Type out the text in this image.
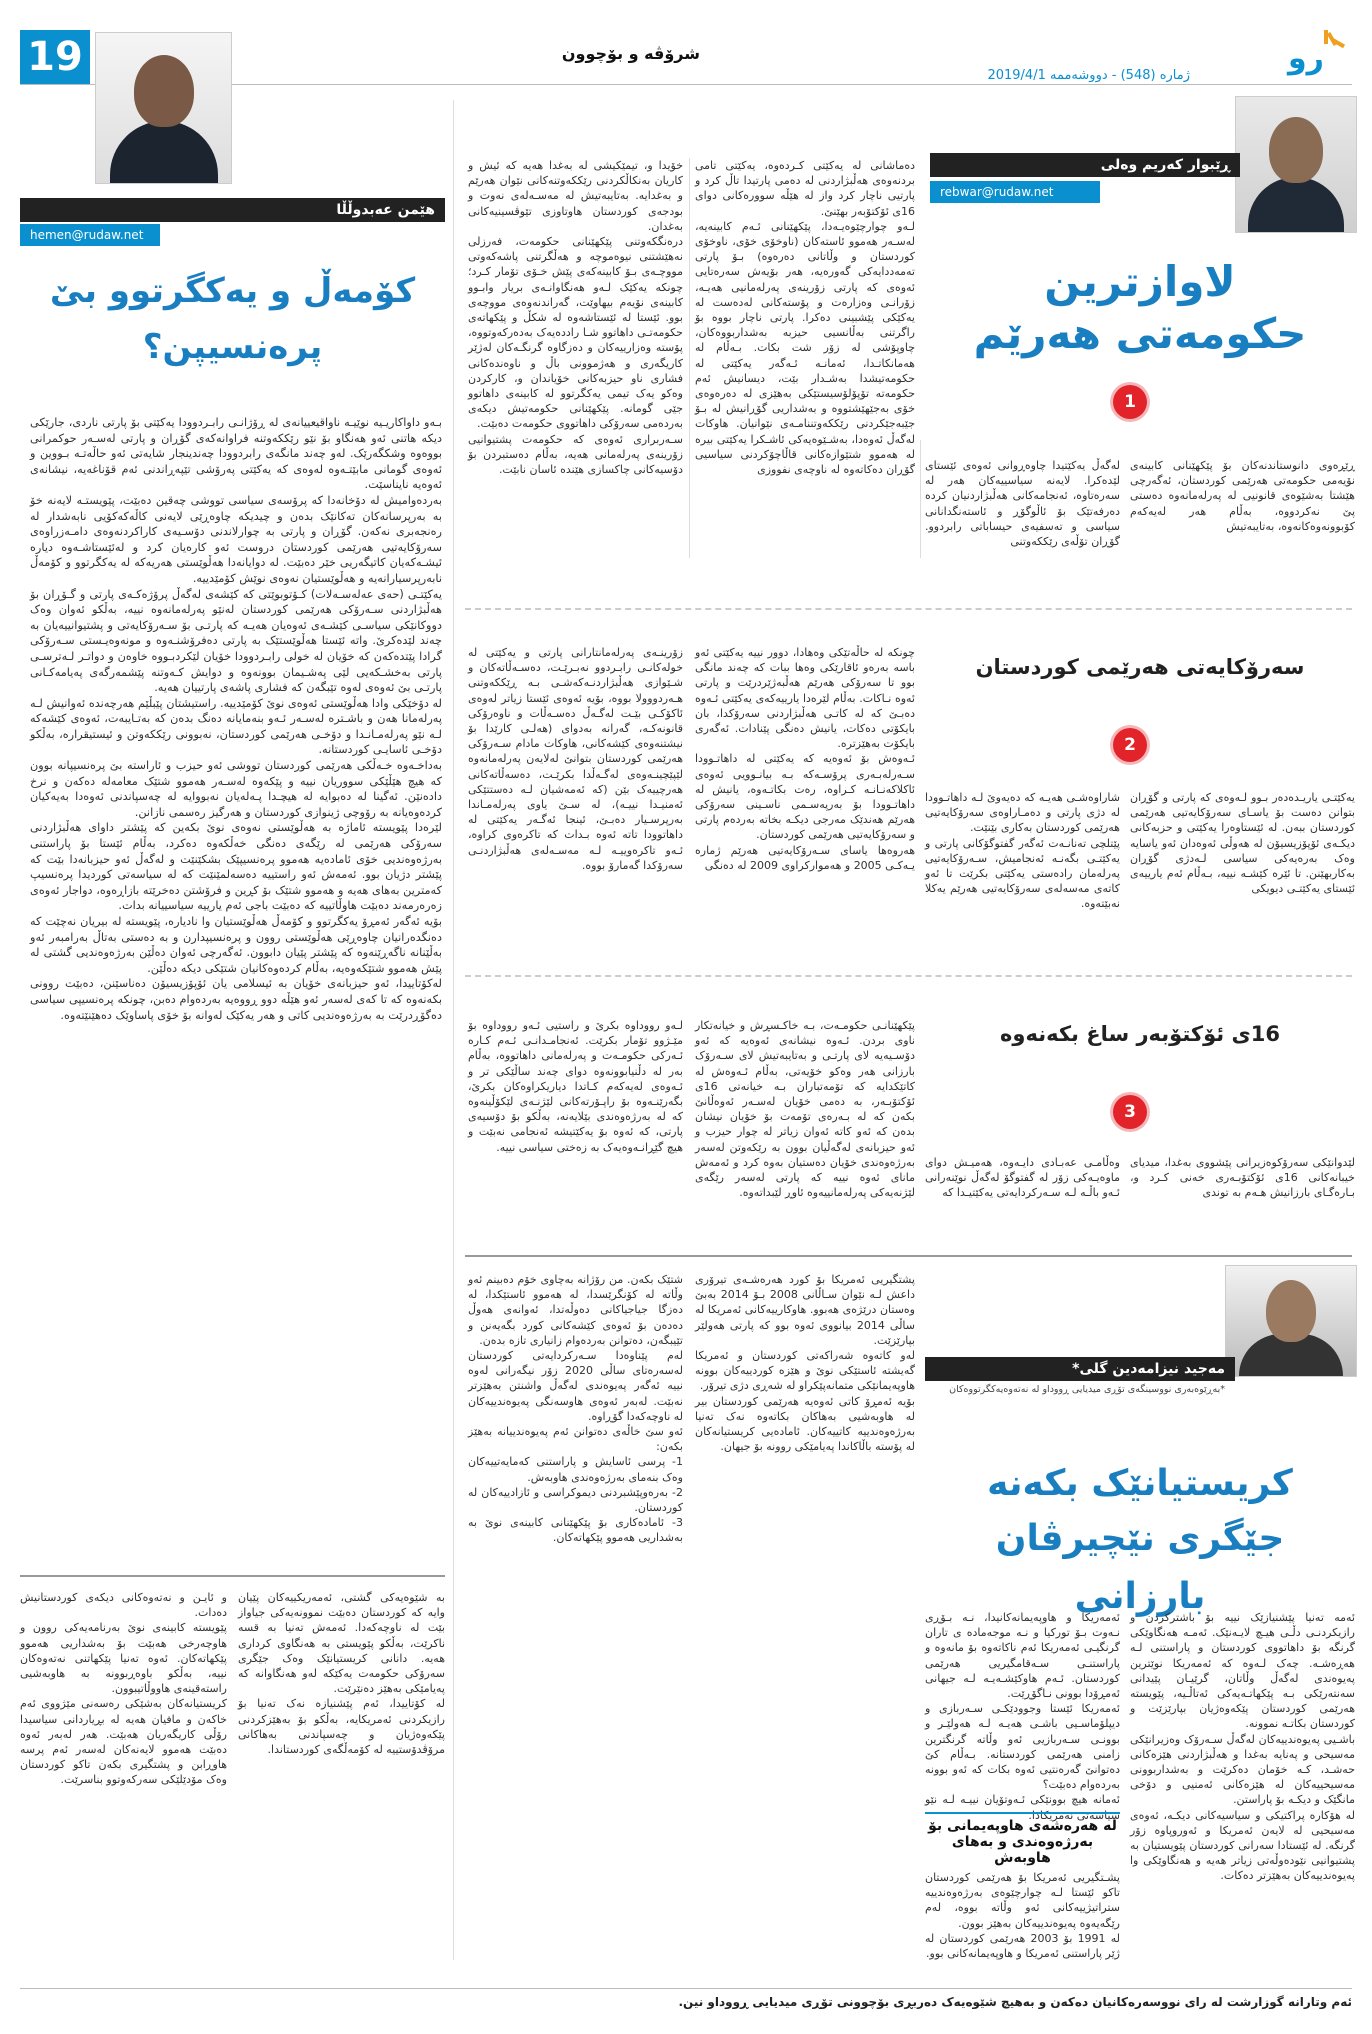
19	شرۆڤە و بۆچوون
ژمارە (548) - دووشەممە 2019/4/1	رو
ڕێبوار کەریم وەلی
rebwar@rudaw.net
لاوازترین
حکومەتی هەرێم
1
ڕێڕەوی دانوستاندنەکان بۆ پێکهێنانی کابینەی نۆیەمی حکومەتی هەرێمی کوردستان، ئەگەرچی هێشتا بەشێوەی قانونیی لە پەرلەمانەوە دەستی پێ نەکردووە، بەڵام هەر لەیەکەم کۆبوونەوەکانەوە، بەتایبەتیش
لەگەڵ یەکێتیدا چاوەڕوانی ئەوەی ئێستای لێدەکرا. لایەنە سیاسییەکان هەر لە سەرەتاوە، ئەنجامەکانی هەڵبژاردنیان کردە دەرفەتێک بۆ ئاڵوگۆڕ و ئاستەنگدانانی سیاسی و تەسفیەی حیساباتی رابردوو. گۆڕان تۆڵەی رێککەوتنی
دەماشانی لە یەکێتی کـردەوە، یەکێتی تامی بردنەوەی هەڵبژاردنی لە دەمی پارتیدا تاڵ کرد و پارتیی ناچار کرد واز لە هێڵە سوورەکانی دوای 16ی ئۆکتۆبەر بهێنێ.
لـەو چوارچێوەیـەدا، پێکهێنانی ئـەم کابینەیە، لەسـەر هەموو ئاستەکان (ناوخۆی خۆی، ناوخۆی کوردستان و وڵاتانی دەرەوە) بـۆ پارتی تەمەددایەکی گەورەیە، هەر بۆیەش سەرەتایی ئەوەی کە پارتی زۆرینەی پەرلەمانیی هەیـە، زۆرانـی وەزارەت و پۆستەکانی لەدەست لە یەکێکی پێشبینی دەکرا. پارتی ناچار بووە بۆ راگرتنی بەڵانسیی حیزبە بەشداربووەکان، چاوپۆشی لە زۆر شت بکات. بـەڵام لە هەمانکاتـدا، ئەمانـە ئـەگەر یەکێتی لە حکومەتیشدا بەشـدار بێت، دیسانیش ئەم حکومەتە تۆپۆلۆسیستێکی بەهێزی لە دەرەوەی خۆی بەجێهێشتووە و بەشداریی گۆڕانیش لە بـۆ جێبەجێکردنی رێککەوتننامـەی نێوانیان. هاوکات لەگەڵ ئەوەدا، بەشـێوەیەکی ئاشـکرا یەکێتی بیرە لە هەموو شتێوازەکانی قاڵاچۆکردنی سیاسیی گۆڕان دەکاتەوە لە ناوچەی نفووزی
خۆیدا و، تیمێکیشی لە بەغدا هەیە کە ئیش و کاریان بەنکاڵکردنی رێککەوتنەکانی نێوان هەرێم و بەغدایە. بەتایبەتیش لە مەسـەلەی نەوت و بودجەی کوردستان هاوتاوزی تێوڤسینیەکانی بەغدان.
درەنگکەوتنی پێکهێنانی حکومەت، فەرزلی نەهێشتنی نیوەموچە و هەڵگرتنی پاشەکەوتی مووچـەی بـۆ کابینەکەی پێش خـۆی تۆمار کـرد؛ چونکە یەکێک لـەو هەنگاوانـەی بریار وابـوو کابینەی نۆیەم بیهاوێت، گەراندنەوەی مووچەی بوو. ئێستا لە ئێستاشەوە لە شکڵ و پێکهاتەی حکومەتـی داهاتوو شـا راددەیەک بەدەرکەوتووە، پۆستە وەزارییەکان و دەزگاوە گرنگـەکان لەژێر کاریگەری و هەژموونی باڵ و ناوەندەکانی فشاری ناو حیزبەکانی خۆیاندان و، کارکردن وەکو یەک تیمی یەکگرتوو لە کابینەی داهاتوو جێی گومانە. پێکهێنانی حکومەتیش دیکەی بەردەمی سەرۆکی داهاتووی حکومەت دەبێت.
سـەربراری ئەوەی کە حکومەت پشتیوانیی زۆرینەی پەرلەمانی هەیە، بەڵام دەستبردن بۆ دۆسیەکانی چاکسازی هێندە ئاسان نابێت.
سەرۆکایەتی هەرێمی کوردستان
2
یەکێتـی یاریـدەدەر بـوو لـەوەی کە پارتی و گۆڕان بتوانن دەست بۆ یاسـای سەرۆکایەتیی هەرێمی کوردستان ببەن. لە ئێستاوەرا یەکێتی و حزبەکانی دیکـەی ئۆپۆزیسیۆن لە هەوڵی ئەوەدان ئەو یاسایە وەک بەرەیەکی سیاسی لـەدژی گۆڕان بەکاربهێنن. تا ئێرە کێشـە نییە، بـەڵام ئەم یارییەی ئێستای یەکێتـی دیویکی
شاراوەشـی هەیـە کە دەیەوێ لـە داهاتـوودا لە دژی پارتی و دەمـاراوەی سەرۆکایەتیی هەرێمی کوردستان بەکاری بێنێت.
پێتلچی تەنانـەت ئەگەر گفتوگۆکانی پارتی و یەکێتـی بگەنـە ئەنجامیش، سـەرۆکایەتیی پەرلەمان رادەستی یەکێتی بکرێت تا ئەو کاتەی مەسەلەی سەرۆکایەتیی هەرێم یەکلا نەبێتەوە.
چونکە لە حاڵەتێکی وەهادا، دوور نییە یەکێتی ئەو باسە بەرەو ئاقارێکی وەها ببات کە چەند مانگی بوو تا سەرۆکی هەرێم هەڵبەژێردرێت و پارتی ئەوە نـاکات. بەڵام لێرەدا یارییەکەی یەکێتی ئـەوە دەبـێ کە لە کاتـی هەڵبژاردنی سەرۆکدا، بان بایکۆتی دەکات، یانیش دەنگی پێنادات. ئەگەری بایکۆت بەهێزترە.
ئـەوەش بۆ ئەوەیە کە یەکێتی لە داهاتـوودا سـەرلەبـەری پرۆسـەکە بـە بیانـوویی ئەوەی ئاکلاکەنـانـە کـراوە، رەت بکاتـەوە، یانیش لە داهاتـوودا بۆ بەرپەسـمی ناسـینی سەرۆکی هەرێم هەندێک مەرجی دیکـە بخاتە بەردەم پارتی و سەرۆکایەتیی هەرێمی کوردستان.
هەروەها یاسای سـەرۆکایەتیی هەرێم ژمارە یـەکـی 2005 و هەموارکراوی 2009 لە دەنگی
زۆرینـەی پەرلەمانتارانی پارتی و یەکێتی لە خولەکانـی رابـردوو نەبـرێـت، دەسـەڵاتەکان و شـێوازی هەڵبژاردنـەکەشـی بـە ڕێککەوتنی هـەردووولا بووە، بۆیە ئەوەی ئێستا زیاتر لەوەی ئاکۆکـی بێـت لەگـەڵ دەسـەڵات و ناوەرۆکی قانونەکـە، گەرانە بەدوای (هەلـی کارێدا بۆ نیشتنەوەی کێشەکانی، هاوکات مادام سـەرۆکی هەرێمی کوردستان بتوانێ لەلایەن پەرلەمانەوە لێپێچینـەوەی لەگـەڵدا بکرێـت، دەسەڵاتەکانی هەرچییەک بێن (کە ئەمەشیان لـە دەستتێکی ئەمنیـدا نییـە)، لە سـێ یاوی پەرلەمـاندا بەرپرسـیار دەبـێ، ئینجا ئەگـەر یەکێتی لە داهاتوودا تاتە ئەوە بـدات کە تاکرەوی کراوە، ئـەو تاکرەوییـە لـە مەسـەلەی هەڵبژاردنـی سەرۆکدا گەمارۆ بووە.
16ی ئۆکتۆبەر ساغ بکەنەوە
3
لێدوانێکی سەرۆکوەزیرانی پێشووی بەغدا، میدیای خیبانەکانی 16ی ئۆکتۆبـەری خەنی کـرد و، بـارەگـای بارزانیش هـەم بە توندی
وەڵامـی عەبـادی دایـەوە، هەمیـش دوای ماوەیـەکی زۆر لە گفتوگۆ لەگەڵ نوێنەرانی ئـەو باڵـە لـە سـەرکردایەتی یەکێتیـدا کە
پێکهێنانـی حکومـەت، بـە خاکـسڕش و خیانەتکار ناوی بردن. ئـەوە نیشانەی ئەوەیە کە ئەو دۆسـیەیە لای پارتـی و بەتایبەتیش لای سـەرۆک بارزانی هەر وەکو خۆیەتی، بەڵام ئـەوەش لە کاتێکدایە کە تۆمەتباران بـە خیانەتی 16ی ئۆکتۆبـەر، بە دەمی خۆیان لەسـەر ئەوەڵانێ بکەن کە لە بـەرەی تۆمەت بۆ خۆیان نیشان بدەن کە ئەو کاتە ئەوان زیاتر لە چوار حیزب و ئەو حیزبانەی لەگەڵیان بوون بە رێکەوتن لەسەر بەرژەوەندی خۆیان دەستیان بەوە کرد و ئەمەش مانای ئەوە نییە کە پارتی لەسەر رێگەی لێژنەیەکی پەرلەمانییەوە ئاوڕ لێبداتەوە.
لـەو رووداوە بکرێ و راستیی ئـەو رووداوە بۆ مێـژوو تۆمار بکرێت. ئەنجامـدانـی ئـەم کـاره ئـەرکی حکومـەت و پەرلەمانی داهاتووە، بەڵام بەر لە دڵنیابوونەوە دوای چەند ساڵێکی تر و ئـەوەی لەیەکەم کـاتدا دیاریکراوەکان بکرێ، بگەرێنـەوە بۆ راپـۆرتەکانی لێژنـەی لێکۆڵینەوە کە لە بەرژەوەندی بێلایەنە، بەڵکو بۆ دۆسیەی پارتی، کە ئەوە بۆ یەکێتیشە ئەنجامی نەبێت و هیچ گێڕانـەوەیەک بە زەختی سیاسی نییە.
مەجید نیزامەدین گلی*
*بەڕێوەبەری نووسینگەی تۆڕی میدیایی ڕووداو لە نەتەوەیەکگرتووەکان
کریستیانێک بکەنە
جێگری نێچیرڤان بارزانی
ئەمە تەنیا پێشنیازێک نییە بۆ باشترکردن و رازیکردنـی دڵـی هیـچ لایـەنێک. ئەمـە هەنگاوێکی گرنگە بۆ داهاتووی کوردستان و پاراستنی لـە هەڕەشـە. چەک لـەوە کە ئەمەریکا نوێترین پەیوەندی لەگەڵ وڵاتان، گرێیـان پێیدانی سەنتەرێکی بـە پێکهاتـەیەکی ئەتاڵـیە، پێویستە هەرێمی کوردستان پێکەوەژیان بپارێزێت و کوردستان بکاتـە نموونە.
باشـیی پەیوەندییەکان لەگەڵ سـەرۆک وەزیرانێکی مەسیحی و پەنایە بەغدا و هەڵبژاردنی هێزەکانی حەشـد، کـە خۆمان دەکرێت و بەشداربوونی مەسیحییەکان لە هێزەکانی ئەمنیی و دۆخی مانگێک و دیکـە بۆ پاراستن.
لە هۆکارە پراکتیکی و سیاسیەکانی دیکـە، ئەوەی مەسیحیی لە لایەن ئەمریکا و ئەوروپاوە زۆر گرنگە. لە ئێستادا سەرانی کوردستان پێویستیان بە پشتیوانیی نێودەوڵەتی زیاتر هەیە و هەنگاوێکی وا پەیوەندییەکان بەهێزتر دەکات.
ئەمەریکا و هاوپەیمانەکانیدا، نـە بـۆڕی نـەوت بـۆ تورکیا و نـە موجەمادە ی تاران گرنگیـی ئەمەریکا ئەم ناکاتەوە بۆ مانەوە و پاراستنـی سـەقامگیریی هەرێمی کوردستان. ئـەم هاوکێشـەیـە لـە جیهانی ئەمڕۆدا بوونی نـاگۆڕێت.
ئەمەریکا ئێستا وجوودێکـی سـەربازی و دیپلۆماسـیی باشـی هەیـە لـە هەولێـر و بوونـی سـەربازیی ئەو وڵاتە گرنگترین زامنی هەرێمی کوردستانە. بـەڵام کێ دەتوانێ گەرەنتیی ئەوە بکات کە ئەو بوونە بەردەوام دەبێت؟
ئەمانە هیچ بوونێکی ئـەوتۆیان نییـە لـە نێو سیاسەتی ئەمریکادا.
لە هەرەشەی هاوپەیمانی بۆ
بەرژەوەندی و بەهای هاوبەش
پشـتگیریی ئەمریکا بۆ هەرێمی کوردستان تاکو ئێستا لـە چوارچێوەی بەرژەوەندییە ستراتیژییەکانی ئەو وڵاتە بووە، لەم رێگەیەوە پەیوەندییەکان بەهێز بوون.
لە 1991 بۆ 2003 هەرێمی کوردستان لە ژێر پاراستنی ئەمریکا و هاوپەیمانەکانی بوو.
پشتگیریی ئەمریکا بۆ کورد هەرەشـەی تیرۆری داعش لـە نێوان سـاڵانی 2008 بـۆ 2014 بەبێ وەستان درێژەی هەبوو. هاوکارییەکانی ئەمریکا لە ساڵی 2014 بیانووی ئەوە بوو کە پارتی هەولێر بپارێزێت.
لەو کاتەوە شەراکەتی کوردستان و ئەمریکا گەیشتە ئاستێکی نوێ و هێزە کوردییەکان بوونە هاوپەیمانێکی متمانەپێکراو لە شەڕی دژی تیرۆر.
بۆیە ئەمڕۆ کاتی ئەوەیە هەرێمی کوردستان بیر لە هاوبەشیی بەهاکان بکاتەوە نەک تەنیا بەرژەوەندییە کاتییەکان. ئامادەیی کریستیانەکان لە پۆستە باڵاکاندا پەیامێکی روونە بۆ جیهان.
شتێک بکەن. من رۆژانە بەچاوی خۆم دەبینم ئەو وڵاتە لە کۆنگرێسدا، لە هەموو ئاستێکدا، لە دەزگا جیاجیاکانی دەوڵەتدا، ئەوانەی هەوڵ دەدەن بۆ ئەوەی کێشەکانی کورد بگەیەنن و تێیبگەن، دەتوانن بەردەوام زانیاری تازە بدەن.
لەم پێناوەدا سـەرکردایەتی کوردستان لەسەرەتای ساڵی 2020 زۆر نیگەرانی لەوە نییە ئەگەر پەیوەندی لەگەڵ واشنتن بەهێزتر نەبێت. لەبەر ئەوەی هاوسەنگی پەیوەندییەکان لە ناوچەکەدا گۆڕاوە.
ئەو سێ خاڵەی دەتوانن ئەم پەیوەندییانە بەهێز بکەن:
1- پرسی ئاسایش و پاراستنی کەمایەتییەکان وەک بنەمای بەرژەوەندی هاوبەش.
2- بەرەوپێشبردنی دیموکراسی و ئازادییەکان لە کوردستان.
3- ئامادەکاری بۆ پێکهێنانی کابینەی نوێ بە بەشداریی هەموو پێکهاتەکان.
بە شێوەیەکی گشتی، ئەمەریکییەکان پێیان وایە کە کوردستان دەبێت نموونەیەکی جیاواز بێت لە ناوچەکەدا. ئەمەش تەنیا بە قسە ناکرێت، بەڵکو پێویستی بە هەنگاوی کرداری هەیە. دانانی کریستیانێک وەک جێگری سەرۆکی حکومەت یەکێکە لەو هەنگاوانە کە پەیامێکی بەهێز دەنێرێت.
لە کۆتاییدا، ئەم پێشنیازە نەک تەنیا بۆ رازیکردنی ئەمریکایە، بەڵکو بۆ بەهێزکردنی پێکەوەژیان و چەسپاندنی بەهاکانی مرۆڤدۆستییە لە کۆمەڵگەی کوردستاندا.
و ئایـن و نەتەوەکانی دیکەی کوردستانیش دەدات.
پێویستە کابینەی نوێ بەرنامەیەکی روون و هاوچەرخی هەبێت بۆ بەشداریی هەموو پێکهاتەکان. ئەوە تەنیا پێکهاتنی نەتەوەکان نییە، بەڵکو باوەڕبوونە بە هاوبەشیی راستەقینەی هاووڵاتیبوون.
کریستیانەکان بەشێکی رەسەنی مێژووی ئەم خاکەن و مافیان هەیە لە بڕیاردانی سیاسیدا رۆڵی کاریگەریان هەبێت. هەر لەبەر ئەوە دەبێت هەموو لایەنەکان لەسەر ئەم پرسە هاوڕابن و پشتگیری بکەن تاکو کوردستان وەک مۆدێلێکی سەرکەوتوو بناسرێت.
هێمن عەبدوڵڵا
hemen@rudaw.net
کۆمەڵ و یەکگرتوو بێ
پرەنسیپن؟
بـەو داواکاریـیە نوێیـە ناواقیعییانەی لە ڕۆژانـی رابـردوودا یەکێتی بۆ پارتی ناردی، جارێکی دیکە هاتنی ئەو هەنگاو بۆ نێو رێککەوتنە فراوانەکەی گۆڕان و پارتی لەسـەر حوکمرانی بووەوە وشکگەرێک. لەو چەند مانگەی رابردوودا چەندینجار شایەتی ئەو حاڵەتـە بـووین و ئەوەی گومانی مابێتـەوە لەوەی کە یەکێتی پەرۆشی تێپەڕاندنی ئەم قۆناغەیە، نیشانەی ئەوەیە نایناسێت.
بەردەوامیش لە دۆخانەدا کە پرۆسەی سیاسی تووشی چەقین دەبێت، پێویستـە لایەنە خۆ بە بەرپرسانەکان تەکانێک بدەن و چیدیکە چاوەڕێی لایەنی کاڵەکەکۆیی نابەشدار لە رەنجەبری نەکەن. گۆڕان و پارتی بە چوارلاندنی دۆسـیەی کاراکردنەوەی دامـەزراوەی سەرۆکایەتیی هەرێمی کوردستان دروست ئەو کارەیان کرد و لەئێستاشـەوە دیارە ئیشـەکەیان کاتیگەریی خێر دەبێت. لە دوایانەدا هەڵوێستی هەریەکە لە یەکگرتوو و کۆمەڵ نابەرپرسیارانەیە و هەڵوێستیان نەوەی نوێش کۆمێدییە.
یەکێتـی (حەی عەلەسـەلات) کـۆتوبوێتی کە کێشەی لەگەڵ پرۆژەکـەی پارتی و گـۆڕان بۆ هەڵبژاردنی سـەرۆکی هەرێمی کوردستان لەنێو پەرلەمانەوە نییە، بەڵکو ئەوان وەک دووکانێکی سیاسـی کێشـەی ئەوەیان هەیـە کە پارتـی بۆ سـەرۆکایەتی و پشتیوانییەیان بە چەند لێدەکرێ. واتە ئێستا هەڵوێستێک بە پارتی دەفرۆشنـەوە و مونەوەیـستی سـەرۆکی گرادا پێتدەکەن کە خۆیان لە خولی رابـردوودا خۆیان لێکردبـووە خاوەن و دواتـر لـەترسـی پارتی بەخشـکەیی لێی پەشـیمان بوونەوە و دوایش کـەوتنە پێشمەرگەی پەیامەکـانی پارتـی بێ ئەوەی لەوە تێبگەن کە فشاری پاشەی پارتییان هەیە.
لە دۆخێکی وادا هەڵوێستی ئەوەی نوێ کۆمێدییە. راستیشتان پێبڵێم هەرچەندە ئەوانیش لـە پەرلەمانا هەن و باشـترە لەسـەر ئـەو بنەمایانە دەنگ بدەن کە بەتـایبەت، ئەوەی کێشەکە لـە نێو پەرلەمـانـدا و دۆخـی هەرێمی کوردستان، نەبوونی رێککەوتن و ئیستیقرارە، بەڵکو دۆخـی ئاسایـی کوردستانە.
بەداخـەوە خـەڵکی هەرێمی کوردستان تووشی ئەو حیزب و ئاراستە بێ پرەنسیپانە بوون کە هیچ هێڵێکی سووریان نییە و پێکەوە لەسـەر هەموو شتێک معامەلە دەکەن و نرخ دادەنێن. ئەگینا لە دەبوایە لە هیچـدا پـەلەیان نەبووایە لە چەسپاندنی ئەوەدا بەیەکیان کردەوەیانە بە رۆوچی ژینوازی کوردستان و هەرگیز رەسمی نازانن.
لێرەدا پێویستە ئاماژە بە هەڵوێستی نەوەی نوێ بکەین کە پێشتر داوای هەڵبژاردنی سەرۆکی هەرێمی لە رێگەی دەنگی خەڵکەوە دەکرد، بەڵام ئێستا بۆ پاراستنی بەرژەوەندیی خۆی ئامادەیە هەموو پرەنسیپێک بشکێنێت و لەگەڵ ئەو حیزبانەدا بێت کە پێشتر دژیان بوو. ئەمەش ئەو راستییە دەسەلمێنێت کە لە سیاسەتی کوردیدا پرەنسیپ کەمترین بەهای هەیە و هەموو شتێک بۆ کڕین و فرۆشتن دەخرێتە بازاڕەوە، دواجار ئەوەی زەرەرمەند دەبێت هاوڵاتییە کە دەبێت باجی ئەم یارییە سیاسییانە بدات.
بۆیە ئەگەر ئەمڕۆ یەکگرتوو و کۆمەڵ هەڵوێستیان وا نادیارە، پێویستە لە بیریان نەچێت کە دەنگدەرانیان چاوەڕێی هەڵوێستی روون و پرەنسیپدارن و بە دەستی بەتاڵ بەرامبەر ئەو بەڵێنانە ناگەڕێنەوە کە پێشتر پێیان دابوون. ئەگەرچی ئەوان دەڵێن بەرژەوەندیی گشتی لە پێش هەموو شتێکەوەیە، بەڵام کردەوەکانیان شتێکی دیکە دەڵێن.
لەکۆتاییدا، ئەو حیزبانەی خۆیان بە ئیسلامی یان ئۆپۆزیسیۆن دەناسێنن، دەبێت روونی بکەنەوە کە تا کەی لەسەر ئەو هێڵە دوو ڕووەیە بەردەوام دەبن، چونکە پرەنسیپی سیاسی دەگۆڕدرێت بە بەرژەوەندیی کاتی و هەر یەکێک لەوانە بۆ خۆی پاساوێک دەهێنێتەوە.
ئەم وتارانە گوزارشت لە رای نووسەرەکانیان دەکەن و بەهیچ شێوەیەک دەربڕی بۆچوونی تۆڕی میدیایی ڕووداو نین.
